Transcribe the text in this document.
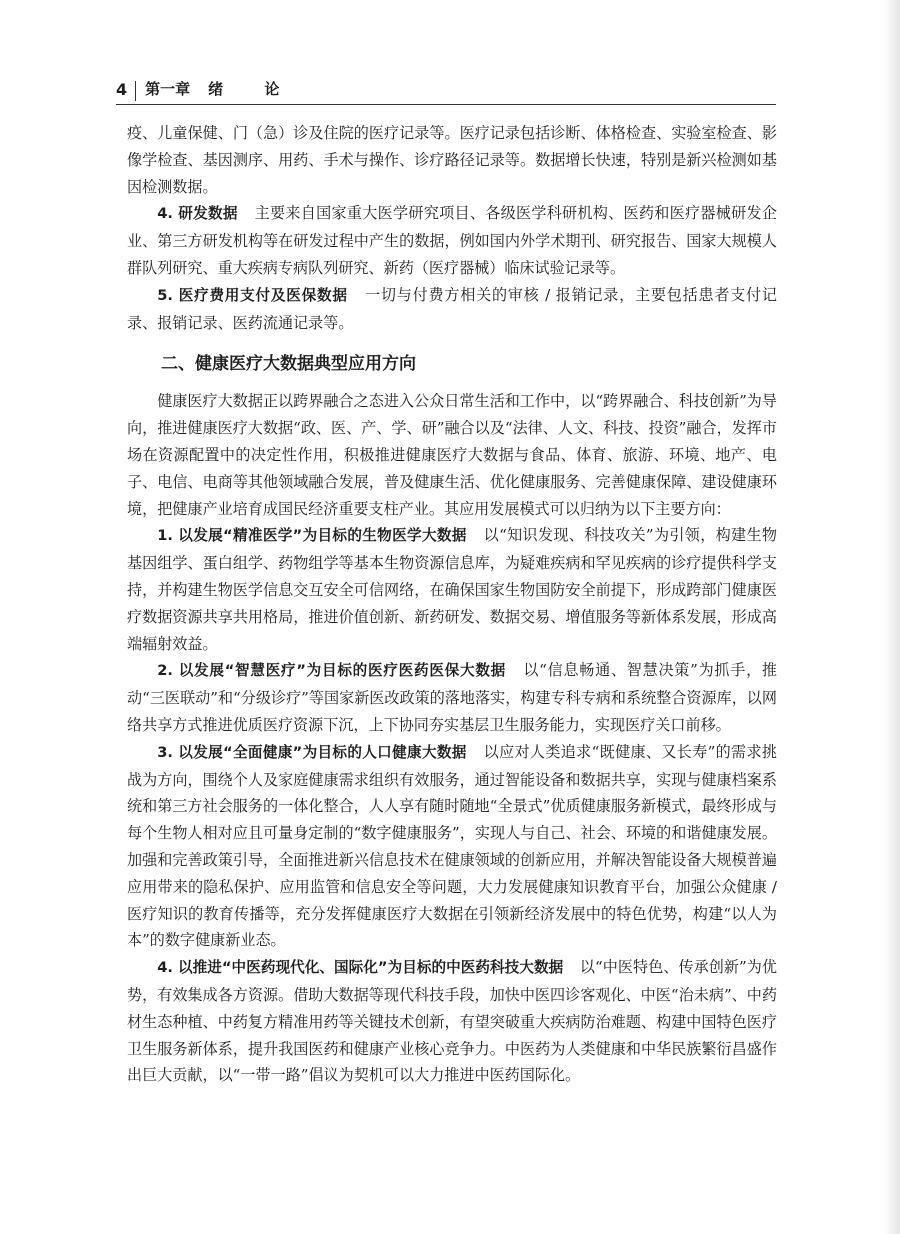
4	第一章 绪 论

疫、儿童保健、门（急）诊及住院的医疗记录等。医疗记录包括诊断、体格检查、实验室检查、影像学检查、基因测序、用药、手术与操作、诊疗路径记录等。数据增长快速，特别是新兴检测如基因检测数据。

4. 研发数据 主要来自国家重大医学研究项目、各级医学科研机构、医药和医疗器械研发企业、第三方研发机构等在研发过程中产生的数据，例如国内外学术期刊、研究报告、国家大规模人群队列研究、重大疾病专病队列研究、新药（医疗器械）临床试验记录等。

5. 医疗费用支付及医保数据 一切与付费方相关的审核 / 报销记录，主要包括患者支付记录、报销记录、医药流通记录等。

二、健康医疗大数据典型应用方向

健康医疗大数据正以跨界融合之态进入公众日常生活和工作中，以“跨界融合、科技创新”为导向，推进健康医疗大数据“政、医、产、学、研”融合以及“法律、人文、科技、投资”融合，发挥市场在资源配置中的决定性作用，积极推进健康医疗大数据与食品、体育、旅游、环境、地产、电子、电信、电商等其他领域融合发展，普及健康生活、优化健康服务、完善健康保障、建设健康环境，把健康产业培育成国民经济重要支柱产业。其应用发展模式可以归纳为以下主要方向：

1. 以发展“精准医学”为目标的生物医学大数据 以“知识发现、科技攻关”为引领，构建生物基因组学、蛋白组学、药物组学等基本生物资源信息库，为疑难疾病和罕见疾病的诊疗提供科学支持，并构建生物医学信息交互安全可信网络，在确保国家生物国防安全前提下，形成跨部门健康医疗数据资源共享共用格局，推进价值创新、新药研发、数据交易、增值服务等新体系发展，形成高端辐射效益。

2. 以发展“智慧医疗”为目标的医疗医药医保大数据 以“信息畅通、智慧决策”为抓手，推动“三医联动”和“分级诊疗”等国家新医改政策的落地落实，构建专科专病和系统整合资源库，以网络共享方式推进优质医疗资源下沉，上下协同夯实基层卫生服务能力，实现医疗关口前移。

3. 以发展“全面健康”为目标的人口健康大数据 以应对人类追求“既健康、又长寿”的需求挑战为方向，围绕个人及家庭健康需求组织有效服务，通过智能设备和数据共享，实现与健康档案系统和第三方社会服务的一体化整合，人人享有随时随地“全景式”优质健康服务新模式，最终形成与每个生物人相对应且可量身定制的“数字健康服务”，实现人与自己、社会、环境的和谐健康发展。加强和完善政策引导，全面推进新兴信息技术在健康领域的创新应用，并解决智能设备大规模普遍应用带来的隐私保护、应用监管和信息安全等问题，大力发展健康知识教育平台，加强公众健康 / 医疗知识的教育传播等，充分发挥健康医疗大数据在引领新经济发展中的特色优势，构建“以人为本”的数字健康新业态。

4. 以推进“中医药现代化、国际化”为目标的中医药科技大数据 以“中医特色、传承创新”为优势，有效集成各方资源。借助大数据等现代科技手段，加快中医四诊客观化、中医“治未病”、中药材生态种植、中药复方精准用药等关键技术创新，有望突破重大疾病防治难题、构建中国特色医疗卫生服务新体系，提升我国医药和健康产业核心竞争力。中医药为人类健康和中华民族繁衍昌盛作出巨大贡献，以“一带一路”倡议为契机可以大力推进中医药国际化。
